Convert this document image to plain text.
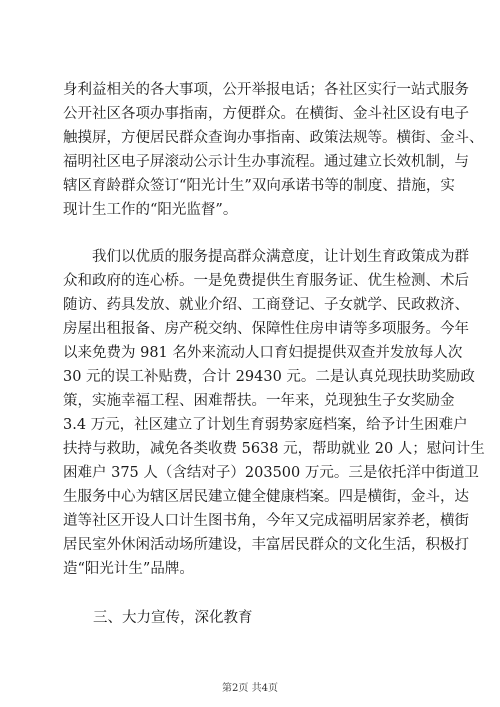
身利益相关的各大事项，公开举报电话；各社区实行一站式服务
公开社区各项办事指南，方便群众。在横街、金斗社区设有电子
触摸屏，方便居民群众查询办事指南、政策法规等。横街、金斗、
福明社区电子屏滚动公示计生办事流程。通过建立长效机制，与
辖区育龄群众签订“阳光计生”双向承诺书等的制度、措施，实
现计生工作的“阳光监督”。
　　我们以优质的服务提高群众满意度，让计划生育政策成为群
众和政府的连心桥。一是免费提供生育服务证、优生检测、术后
随访、药具发放、就业介绍、工商登记、子女就学、民政救济、
房屋出租报备、房产税交纳、保障性住房申请等多项服务。今年
以来免费为 981 名外来流动人口育妇提提供双查并发放每人次
30 元的误工补贴费，合计 29430 元。二是认真兑现扶助奖励政
策，实施幸福工程、困难帮扶。一年来，兑现独生子女奖励金
3.4 万元，社区建立了计划生育弱势家庭档案，给予计生困难户
扶持与救助，减免各类收费 5638 元，帮助就业 20 人；慰问计生
困难户 375 人（含结对子）203500 万元。三是依托洋中街道卫
生服务中心为辖区居民建立健全健康档案。四是横街，金斗，达
道等社区开设人口计生图书角，今年又完成福明居家养老，横街
居民室外休闲活动场所建设，丰富居民群众的文化生活，积极打
造“阳光计生”品牌。
三、大力宣传，深化教育
第2页 共4页
